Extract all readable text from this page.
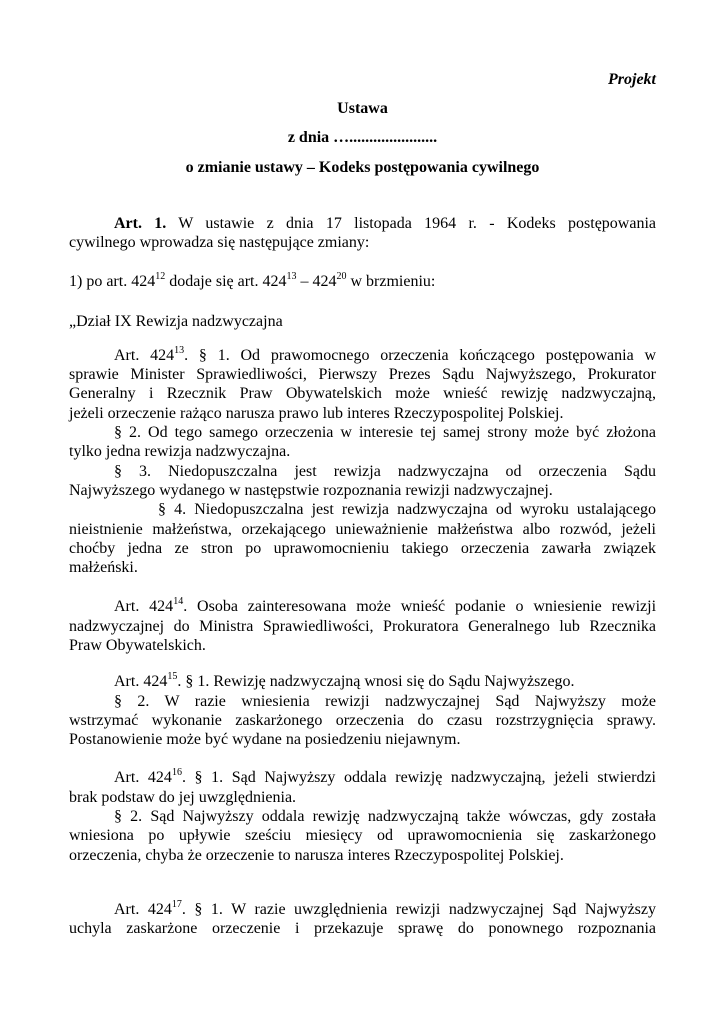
Projekt
Ustawa
z dnia …......................
o zmianie ustawy – Kodeks postępowania cywilnego
Art. 1. W ustawie z dnia 17 listopada 1964 r. - Kodeks postępowania
cywilnego wprowadza się następujące zmiany:
1) po art. $424^{12}$ dodaje się art. $424^{13} - 424^{20}$ w brzmieniu:
„Dział IX Rewizja nadzwyczajna
Art. $424^{13}$. § 1. Od prawomocnego orzeczenia kończącego postępowania w
sprawie Minister Sprawiedliwości, Pierwszy Prezes Sądu Najwyższego, Prokurator
Generalny i Rzecznik Praw Obywatelskich może wnieść rewizję nadzwyczajną,
jeżeli orzeczenie rażąco narusza prawo lub interes Rzeczypospolitej Polskiej.
§ 2. Od tego samego orzeczenia w interesie tej samej strony może być złożona
tylko jedna rewizja nadzwyczajna.
§ 3. Niedopuszczalna jest rewizja nadzwyczajna od orzeczenia Sądu
Najwyższego wydanego w następstwie rozpoznania rewizji nadzwyczajnej.
§ 4. Niedopuszczalna jest rewizja nadzwyczajna od wyroku ustalającego
nieistnienie małżeństwa, orzekającego unieważnienie małżeństwa albo rozwód, jeżeli
choćby jedna ze stron po uprawomocnieniu takiego orzeczenia zawarła związek
małżeński.
Art. $424^{14}$. Osoba zainteresowana może wnieść podanie o wniesienie rewizji
nadzwyczajnej do Ministra Sprawiedliwości, Prokuratora Generalnego lub Rzecznika
Praw Obywatelskich.
Art. $424^{15}$. § 1. Rewizję nadzwyczajną wnosi się do Sądu Najwyższego.
§ 2. W razie wniesienia rewizji nadzwyczajnej Sąd Najwyższy może
wstrzymać wykonanie zaskarżonego orzeczenia do czasu rozstrzygnięcia sprawy.
Postanowienie może być wydane na posiedzeniu niejawnym.
Art. $424^{16}$. § 1. Sąd Najwyższy oddala rewizję nadzwyczajną, jeżeli stwierdzi
brak podstaw do jej uwzględnienia.
§ 2. Sąd Najwyższy oddala rewizję nadzwyczajną także wówczas, gdy została
wniesiona po upływie sześciu miesięcy od uprawomocnienia się zaskarżonego
orzeczenia, chyba że orzeczenie to narusza interes Rzeczypospolitej Polskiej.
Art. $424^{17}$. § 1. W razie uwzględnienia rewizji nadzwyczajnej Sąd Najwyższy
uchyla zaskarżone orzeczenie i przekazuje sprawę do ponownego rozpoznania
